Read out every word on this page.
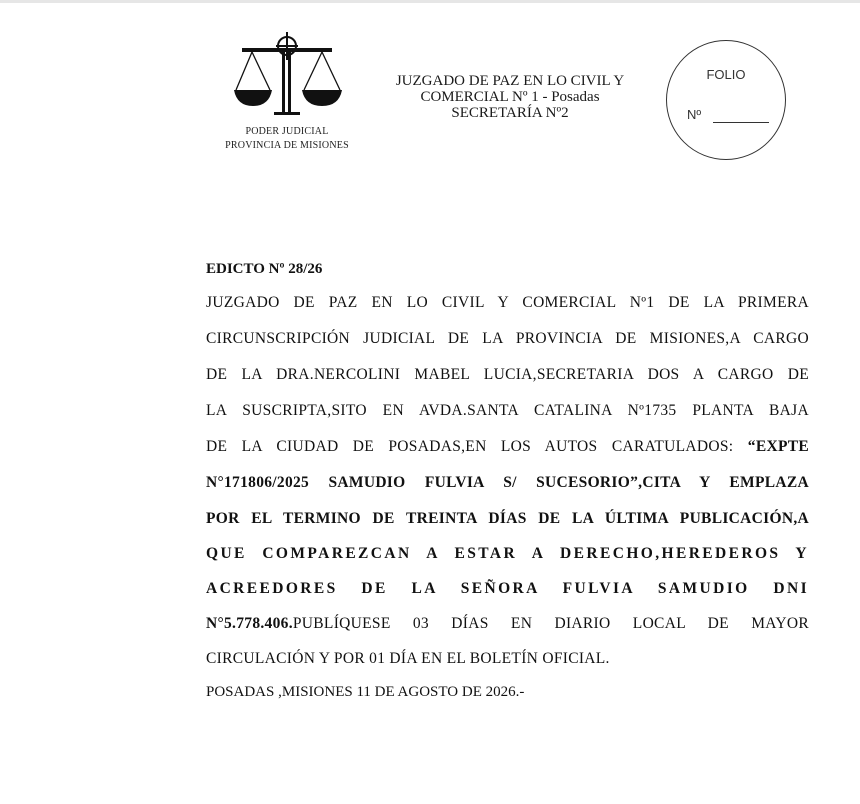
PODER JUDICIAL
PROVINCIA DE MISIONES
JUZGADO DE PAZ EN LO CIVIL Y
COMERCIAL Nº 1 - Posadas
SECRETARÍA Nº2
FOLIO
Nº
EDICTO Nº 28/26
JUZGADO DE PAZ EN LO CIVIL Y COMERCIAL Nº1 DE LA PRIMERA
CIRCUNSCRIPCIÓN JUDICIAL DE LA PROVINCIA DE MISIONES,A CARGO
DE LA DRA.NERCOLINI MABEL LUCIA,SECRETARIA DOS A CARGO DE
LA SUSCRIPTA,SITO EN AVDA.SANTA CATALINA Nº1735 PLANTA BAJA
DE LA CIUDAD DE POSADAS,EN LOS AUTOS CARATULADOS: “EXPTE
N°171806/2025 SAMUDIO FULVIA S/ SUCESORIO”,CITA Y EMPLAZA
POR EL TERMINO DE TREINTA DÍAS DE LA ÚLTIMA PUBLICACIÓN,A
QUE COMPAREZCAN A ESTAR A DERECHO,HEREDEROS Y
ACREEDORES DE LA SEÑORA FULVIA SAMUDIO DNI
N°5.778.406.PUBLÍQUESE 03 DÍAS EN DIARIO LOCAL DE MAYOR
CIRCULACIÓN Y POR 01 DÍA EN EL BOLETÍN OFICIAL.
POSADAS ,MISIONES 11 DE AGOSTO DE 2026.-
